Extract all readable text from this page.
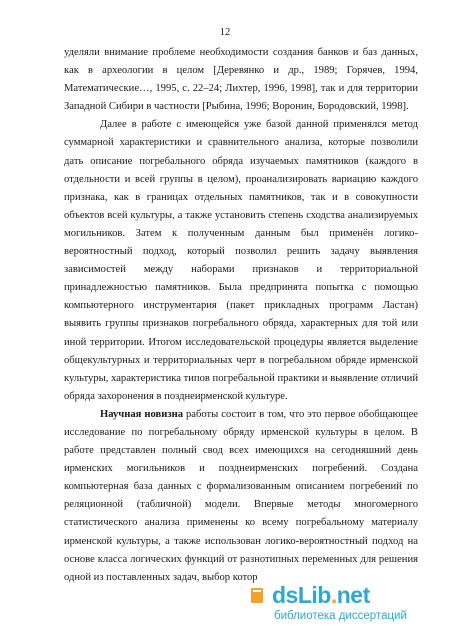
12

уделяли внимание проблеме необходимости создания банков и баз данных, как в археологии в целом [Деревянко и др., 1989; Горячев, 1994, Математические…, 1995, с. 22–24; Лихтер, 1996, 1998], так и для территории Западной Сибири в частности [Рыбина, 1996; Воронин, Бородовский, 1998].

Далее в работе с имеющейся уже базой данной применялся метод суммарной характеристики и сравнительного анализа, которые позволили дать описание погребального обряда изучаемых памятников (каждого в отдельности и всей группы в целом), проанализировать вариацию каждого признака, как в границах отдельных памятников, так и в совокупности объектов всей культуры, а также установить степень сходства анализируемых могильников. Затем к полученным данным был применён логико-вероятностный подход, который позволил решить задачу выявления зависимостей между наборами признаков и территориальной принадлежностью памятников. Была предпринята попытка с помощью компьютерного инструментария (пакет прикладных программ Ластан) выявить группы признаков погребального обряда, характерных для той или иной территории. Итогом исследовательской процедуры является выделение общекультурных и территориальных черт в погребальном обряде ирменской культуры, характеристика типов погребальной практики и выявление отличий обряда захоронения в позднеирменской культуре.

Научная новизна работы состоит в том, что это первое обобщающее исследование по погребальному обряду ирменской культуры в целом. В работе представлен полный свод всех имеющихся на сегодняшний день ирменских могильников и позднеирменских погребений. Создана компьютерная база данных с формализованным описанием погребений по реляционной (табличной) модели. Впервые методы многомерного статистического анализа применены ко всему погребальному материалу ирменской культуры, а также использован логико-вероятностный подход на основе класса логических функций от разнотипных переменных для решения одной из поставленных задач, выбор котор

dsLib.net
библиотека диссертаций
